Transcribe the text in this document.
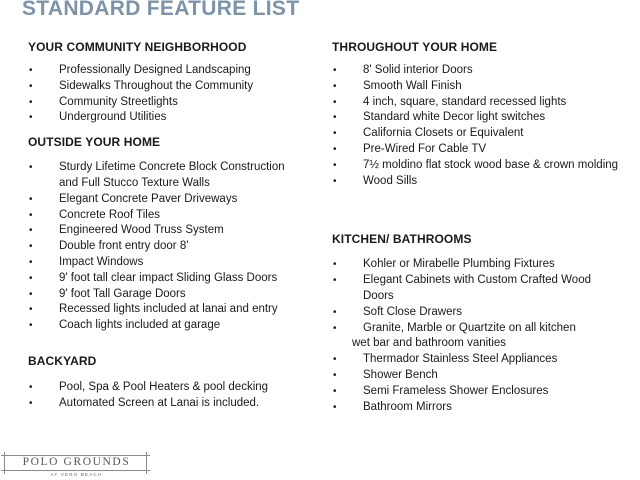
STANDARD FEATURE LIST
YOUR COMMUNITY NEIGHBORHOOD
• Professionally Designed Landscaping
• Sidewalks Throughout the Community
• Community Streetlights
• Underground Utilities
OUTSIDE YOUR HOME
• Sturdy Lifetime Concrete Block Construction
and Full Stucco Texture Walls
• Elegant Concrete Paver Driveways
• Concrete Roof Tiles
• Engineered Wood Truss System
• Double front entry door 8'
• Impact Windows
• 9' foot tall clear impact Sliding Glass Doors
• 9' foot Tall Garage Doors
• Recessed lights included at lanai and entry
• Coach lights included at garage
BACKYARD
• Pool, Spa & Pool Heaters & pool decking
• Automated Screen at Lanai is included.
THROUGHOUT YOUR HOME
• 8' Solid interior Doors
• Smooth Wall Finish
• 4 inch, square, standard recessed lights
• Standard white Decor light switches
• California Closets or Equivalent
• Pre-Wired For Cable TV
• 7½ moldino flat stock wood base & crown molding
• Wood Sills
KITCHEN/ BATHROOMS
• Kohler or Mirabelle Plumbing Fixtures
• Elegant Cabinets with Custom Crafted Wood
Doors
• Soft Close Drawers
• Granite, Marble or Quartzite on all kitchen
wet bar and bathroom vanities
• Thermador Stainless Steel Appliances
• Shower Bench
• Semi Frameless Shower Enclosures
• Bathroom Mirrors
POLO GROUNDS
AT VERO BEACH
